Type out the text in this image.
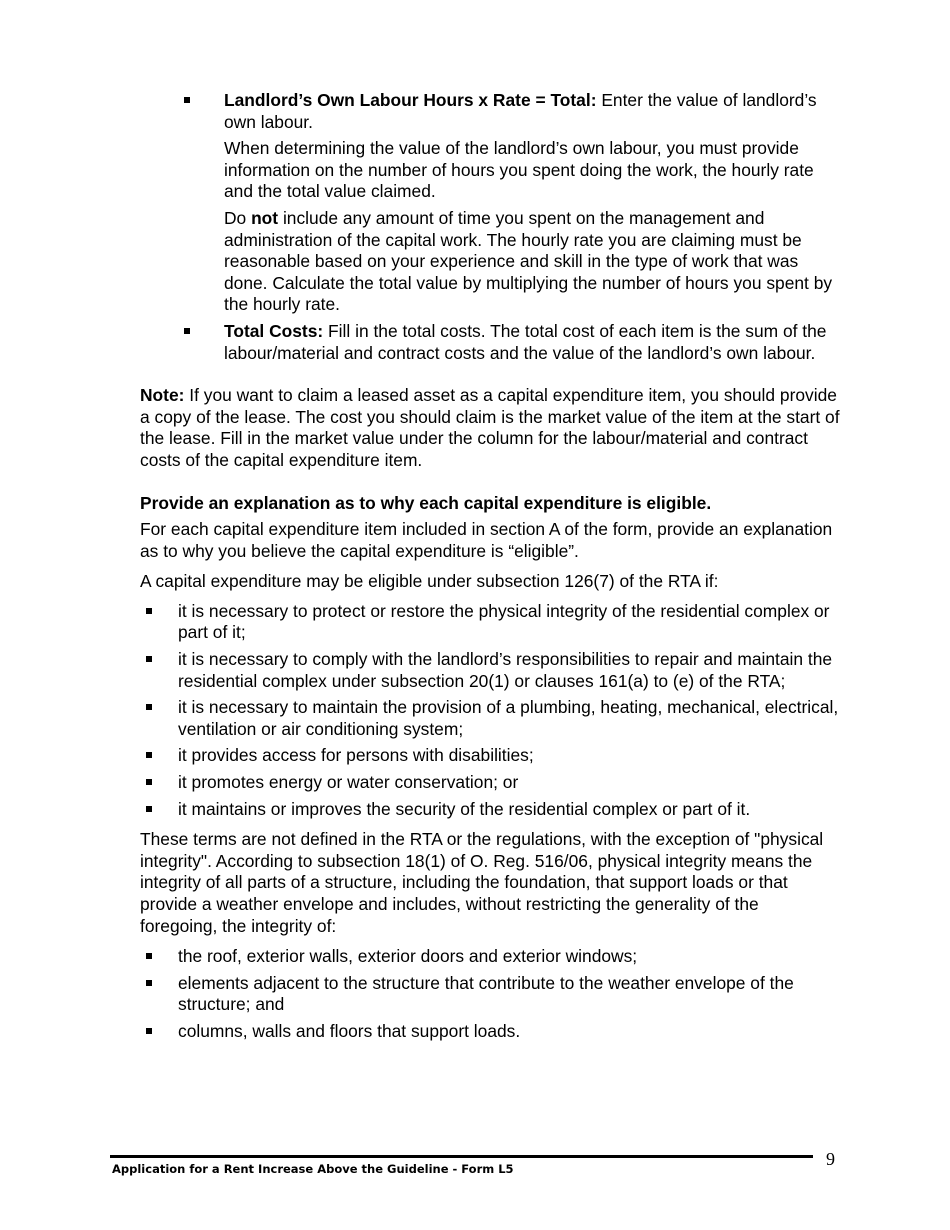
Landlord’s Own Labour Hours x Rate = Total: Enter the value of landlord’s own labour.

When determining the value of the landlord’s own labour, you must provide information on the number of hours you spent doing the work, the hourly rate and the total value claimed.

Do not include any amount of time you spent on the management and administration of the capital work. The hourly rate you are claiming must be reasonable based on your experience and skill in the type of work that was done. Calculate the total value by multiplying the number of hours you spent by the hourly rate.

Total Costs: Fill in the total costs. The total cost of each item is the sum of the labour/material and contract costs and the value of the landlord’s own labour.

Note: If you want to claim a leased asset as a capital expenditure item, you should provide a copy of the lease. The cost you should claim is the market value of the item at the start of the lease. Fill in the market value under the column for the labour/material and contract costs of the capital expenditure item.

Provide an explanation as to why each capital expenditure is eligible.

For each capital expenditure item included in section A of the form, provide an explanation as to why you believe the capital expenditure is “eligible”.

A capital expenditure may be eligible under subsection 126(7) of the RTA if:

it is necessary to protect or restore the physical integrity of the residential complex or part of it;

it is necessary to comply with the landlord’s responsibilities to repair and maintain the residential complex under subsection 20(1) or clauses 161(a) to (e) of the RTA;

it is necessary to maintain the provision of a plumbing, heating, mechanical, electrical, ventilation or air conditioning system;

it provides access for persons with disabilities;

it promotes energy or water conservation; or

it maintains or improves the security of the residential complex or part of it.

These terms are not defined in the RTA or the regulations, with the exception of "physical integrity". According to subsection 18(1) of O. Reg. 516/06, physical integrity means the integrity of all parts of a structure, including the foundation, that support loads or that provide a weather envelope and includes, without restricting the generality of the foregoing, the integrity of:

the roof, exterior walls, exterior doors and exterior windows;

elements adjacent to the structure that contribute to the weather envelope of the structure; and

columns, walls and floors that support loads.

9
Application for a Rent Increase Above the Guideline - Form L5
